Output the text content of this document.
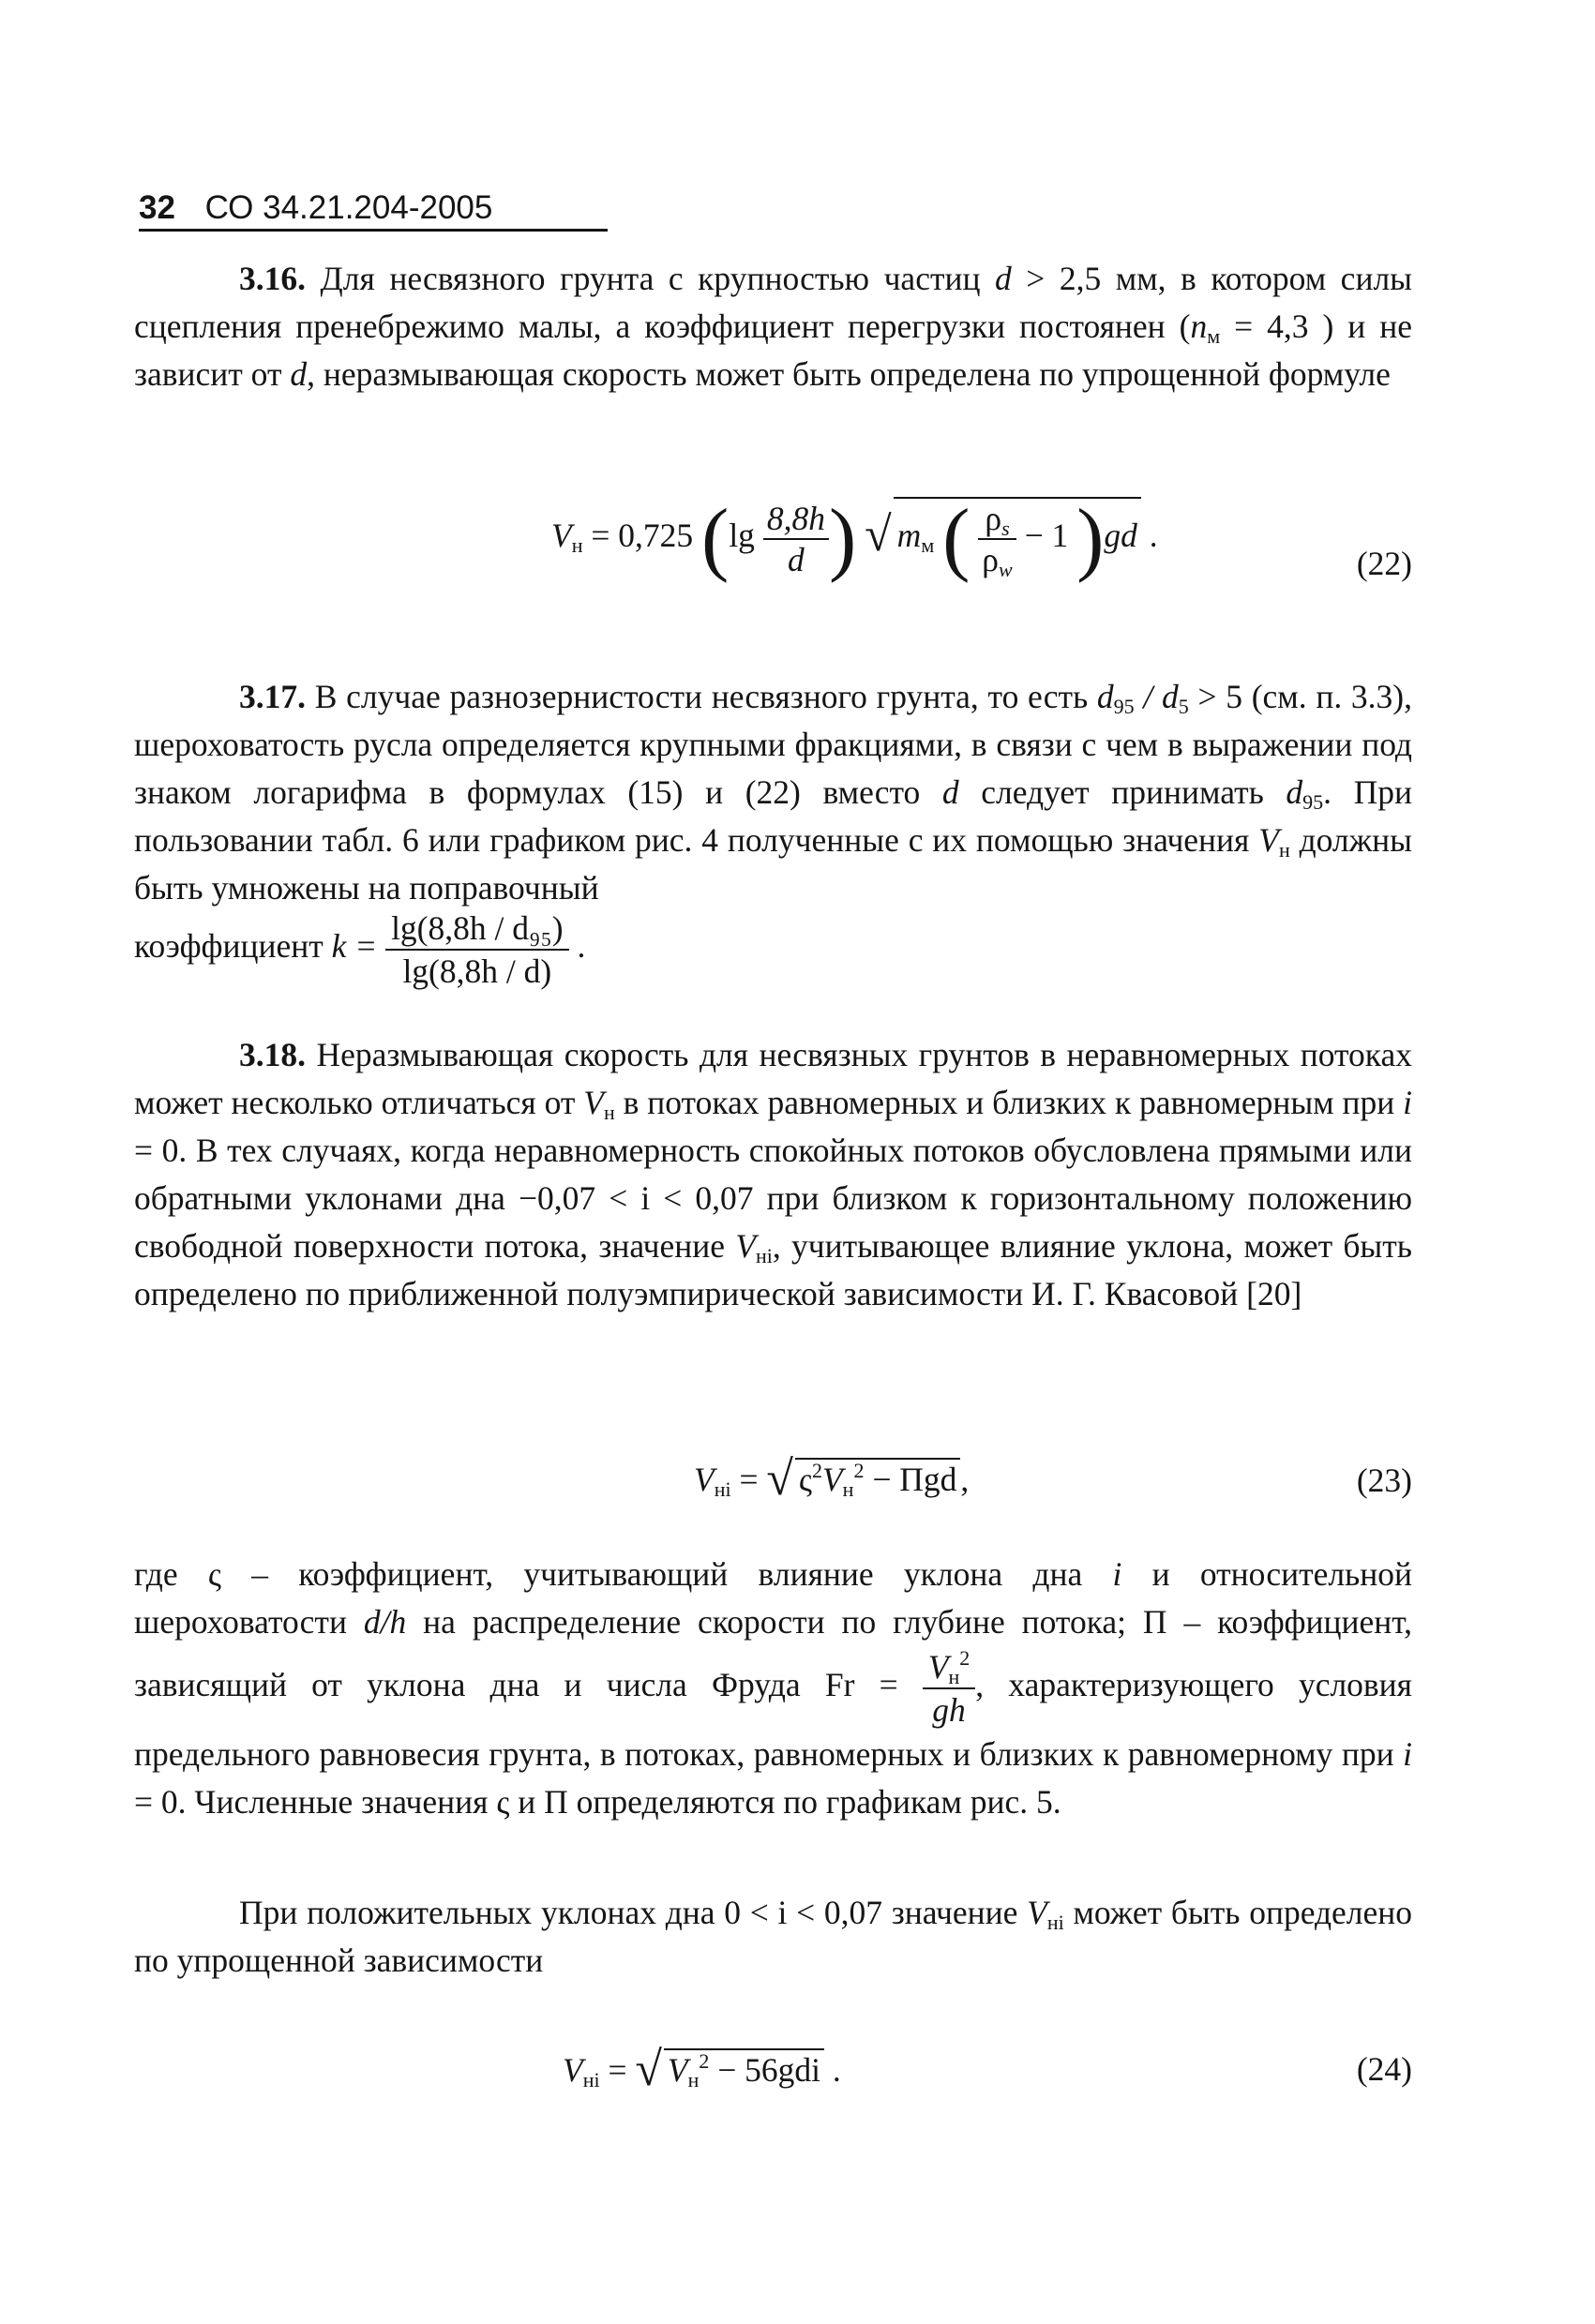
32 СО 34.21.204-2005
3.16. Для несвязного грунта с крупностью частиц d > 2,5 мм, в котором силы сцепления пренебрежимо малы, а коэффициент перегрузки постоянен ($n_м = 4,3$ ) и не зависит от d, неразмывающая скорость может быть определена по упрощенной формуле
$V_н = 0,725$ ($\lg \frac{8,8h}{d}$ ) √ $m_м$ ( $\frac{\rho_s}{\rho_w} - 1$ )gd .
(22)
3.17. В случае разнозернистости несвязного грунта, то есть $d_{95} / d_5 > 5$ (см. п. 3.3), шероховатость русла определяется крупными фракциями, в связи с чем в выражении под знаком логарифма в формулах (15) и (22) вместо d следует принимать $d_{95}$. При пользовании табл. 6 или графиком рис. 4 полученные с их помощью значения $V_н$ должны быть умножены на поправочный
коэффициент $k = \frac{\text{lg(8,8h / d₉₅)}}{\lg(8,8h / d)}$ .
3.18. Неразмывающая скорость для несвязных грунтов в неравномерных потоках может несколько отличаться от $V_н$ в потоках равномерных и близких к равномерным при i = 0. В тех случаях, когда неравномерность спокойных потоков обусловлена прямыми или обратными уклонами дна −0,07 < i < 0,07 при близком к горизонтальному положению свободной поверхности потока, значение $V_{нi}$, учитывающее влияние уклона, может быть определено по приближенной полуэмпирической зависимости И. Г. Квасовой [20]
$V_{нi}$ = √ $\varsigma^2V_н^2$ − Пgd ,	(23)
где ς – коэффициент, учитывающий влияние уклона дна i и относительной шероховатости d/h на распределение скорости по глубине потока; П – коэффициент, зависящий от уклона дна и числа Фруда $Fr = \frac{V_н^2}{gh}$ , характеризующего условия предельного равновесия грунта, в потоках, равномерных и близких к равномерному при i = 0. Численные значения ς и П определяются по графикам рис. 5.
При положительных уклонах дна 0 < i < 0,07 значение $V_{нi}$ может быть определено по упрощенной зависимости
$V_{нi}$ = √ $V_н^2 - 56gdi$ .	(24)
